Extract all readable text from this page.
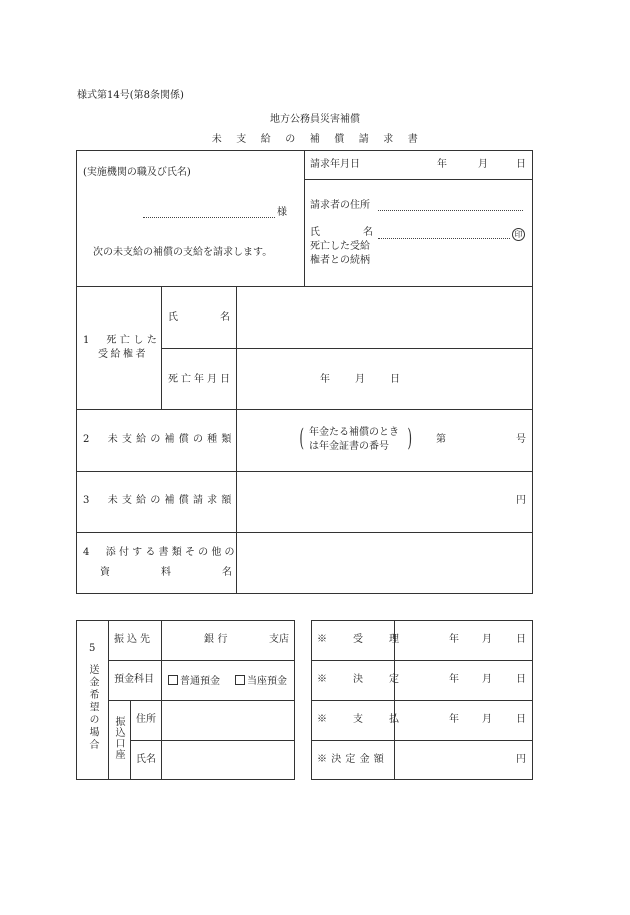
様式第14号(第8条関係)
地方公務員災害補償
未支給の補償請求書
(実施機関の職及び氏名)
様
次の未支給の補償の支給を請求します。
請求年月日	年	月	日
請求者の住所
氏名	印
死亡した受給
権者との続柄
1　死亡した
受給権者
氏名
死亡年月日	年	月	日
2　未支給の補償の種類	( 年金たる補償のとき
は年金証書の番号 ) 第	号
3　未支給の補償請求額	円
4　添付する書類その他の
資料名
5
送金希望の場合
振込先	銀行	支店
預金科目	普通預金	当座預金
振込口座 住所
氏名
※受理 年 月 日
※決定 年 月 日
※支払 年 月 日
※決定金額	円
